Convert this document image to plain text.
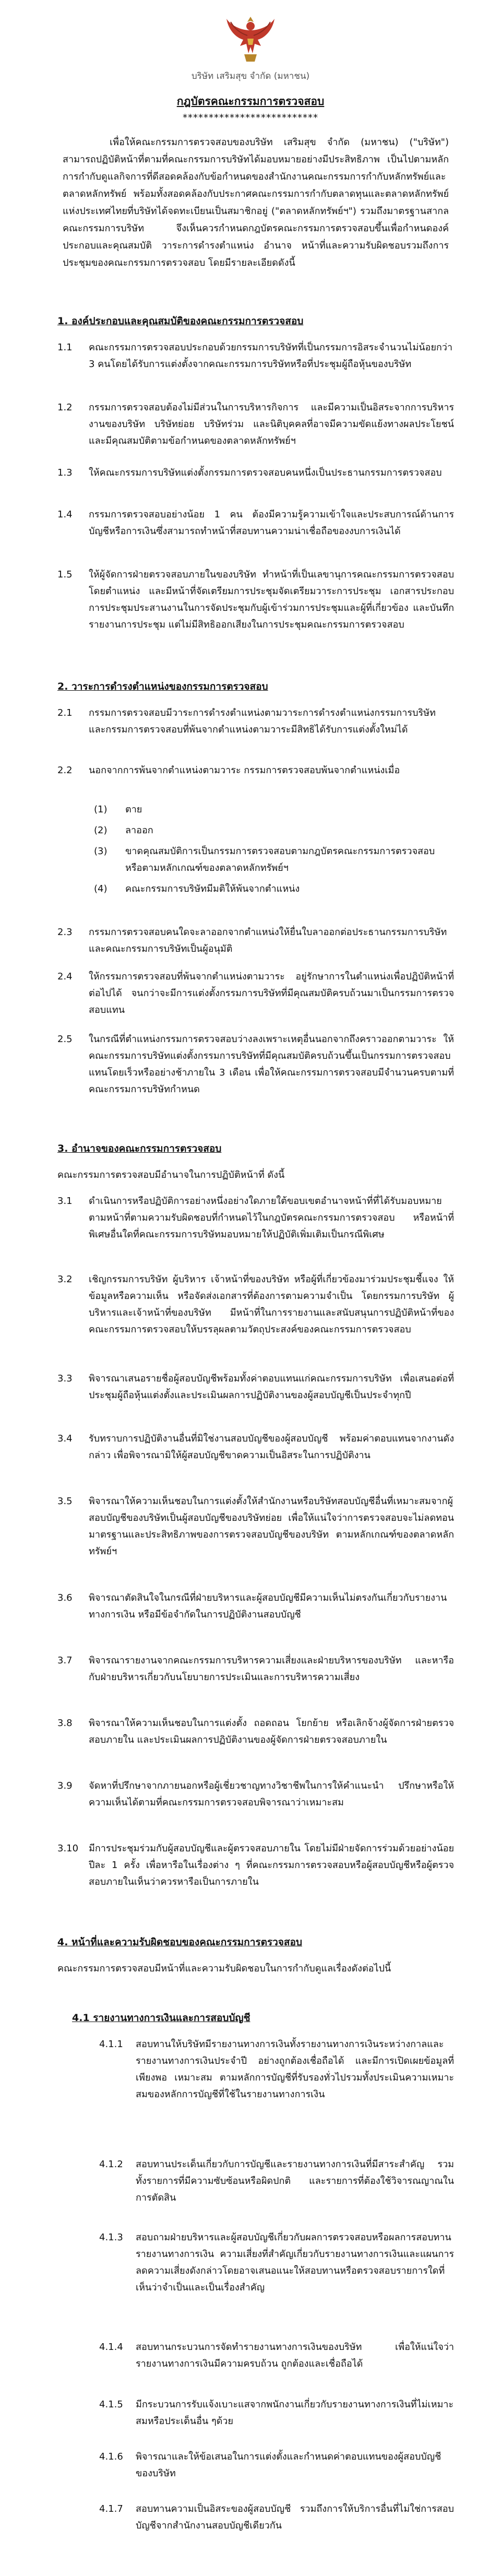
บริษัท เสริมสุข จำกัด (มหาชน)
กฎบัตรคณะกรรมการตรวจสอบ
**************************

เพื่อให้คณะกรรมการตรวจสอบของบริษัท เสริมสุข จำกัด (มหาชน) ("บริษัท") สามารถปฏิบัติหน้าที่ตามที่คณะกรรมการบริษัทได้มอบหมายอย่างมีประสิทธิภาพ เป็นไปตามหลักการกำกับดูแลกิจการที่ดีสอดคล้องกับข้อกำหนดของสำนักงานคณะกรรมการกำกับหลักทรัพย์และตลาดหลักทรัพย์ พร้อมทั้งสอดคล้องกับประกาศคณะกรรมการกำกับตลาดทุนและตลาดหลักทรัพย์แห่งประเทศไทยที่บริษัทได้จดทะเบียนเป็นสมาชิกอยู่ ("ตลาดหลักทรัพย์ฯ") รวมถึงมาตรฐานสากล คณะกรรมการบริษัท จึงเห็นควรกำหนดกฎบัตรคณะกรรมการตรวจสอบขึ้นเพื่อกำหนดองค์ประกอบและคุณสมบัติ วาระการดำรงตำแหน่ง อำนาจ หน้าที่และความรับผิดชอบรวมถึงการประชุมของคณะกรรมการตรวจสอบ โดยมีรายละเอียดดังนี้

1. องค์ประกอบและคุณสมบัติของคณะกรรมการตรวจสอบ

1.1	คณะกรรมการตรวจสอบประกอบด้วยกรรมการบริษัทที่เป็นกรรมการอิสระจำนวนไม่น้อยกว่า 3 คนโดยได้รับการแต่งตั้งจากคณะกรรมการบริษัทหรือที่ประชุมผู้ถือหุ้นของบริษัท
1.2	กรรมการตรวจสอบต้องไม่มีส่วนในการบริหารกิจการ และมีความเป็นอิสระจากการบริหารงานของบริษัท บริษัทย่อย บริษัทร่วม และนิติบุคคลที่อาจมีความขัดแย้งทางผลประโยชน์ และมีคุณสมบัติตามข้อกำหนดของตลาดหลักทรัพย์ฯ
1.3	ให้คณะกรรมการบริษัทแต่งตั้งกรรมการตรวจสอบคนหนึ่งเป็นประธานกรรมการตรวจสอบ
1.4	กรรมการตรวจสอบอย่างน้อย 1 คน ต้องมีความรู้ความเข้าใจและประสบการณ์ด้านการบัญชีหรือการเงินซึ่งสามารถทำหน้าที่สอบทานความน่าเชื่อถือของงบการเงินได้
1.5	ให้ผู้จัดการฝ่ายตรวจสอบภายในของบริษัท ทำหน้าที่เป็นเลขานุการคณะกรรมการตรวจสอบโดยตำแหน่ง และมีหน้าที่จัดเตรียมการประชุมจัดเตรียมวาระการประชุม เอกสารประกอบการประชุมประสานงานในการจัดประชุมกับผู้เข้าร่วมการประชุมและผู้ที่เกี่ยวข้อง และบันทึกรายงานการประชุม แต่ไม่มีสิทธิออกเสียงในการประชุมคณะกรรมการตรวจสอบ

2. วาระการดำรงตำแหน่งของกรรมการตรวจสอบ

2.1	กรรมการตรวจสอบมีวาระการดำรงตำแหน่งตามวาระการดำรงตำแหน่งกรรมการบริษัท และกรรมการตรวจสอบที่พ้นจากตำแหน่งตามวาระมีสิทธิได้รับการแต่งตั้งใหม่ได้
2.2	นอกจากการพ้นจากตำแหน่งตามวาระ กรรมการตรวจสอบพ้นจากตำแหน่งเมื่อ
(1)	ตาย
(2)	ลาออก
(3)	ขาดคุณสมบัติการเป็นกรรมการตรวจสอบตามกฎบัตรคณะกรรมการตรวจสอบ หรือตามหลักเกณฑ์ของตลาดหลักทรัพย์ฯ
(4)	คณะกรรมการบริษัทมีมติให้พ้นจากตำแหน่ง
2.3	กรรมการตรวจสอบคนใดจะลาออกจากตำแหน่งให้ยื่นใบลาออกต่อประธานกรรมการบริษัทและคณะกรรมการบริษัทเป็นผู้อนุมัติ
2.4	ให้กรรมการตรวจสอบที่พ้นจากตำแหน่งตามวาระ อยู่รักษาการในตำแหน่งเพื่อปฏิบัติหน้าที่ต่อไปได้ จนกว่าจะมีการแต่งตั้งกรรมการบริษัทที่มีคุณสมบัติครบถ้วนมาเป็นกรรมการตรวจสอบแทน
2.5	ในกรณีที่ตำแหน่งกรรมการตรวจสอบว่างลงเพราะเหตุอื่นนอกจากถึงคราวออกตามวาระ ให้คณะกรรมการบริษัทแต่งตั้งกรรมการบริษัทที่มีคุณสมบัติครบถ้วนขึ้นเป็นกรรมการตรวจสอบแทนโดยเร็วหรืออย่างช้าภายใน 3 เดือน เพื่อให้คณะกรรมการตรวจสอบมีจำนวนครบตามที่คณะกรรมการบริษัทกำหนด

3. อำนาจของคณะกรรมการตรวจสอบ

คณะกรรมการตรวจสอบมีอำนาจในการปฏิบัติหน้าที่ ดังนี้

3.1	ดำเนินการหรือปฏิบัติการอย่างหนึ่งอย่างใดภายใต้ขอบเขตอำนาจหน้าที่ที่ได้รับมอบหมายตามหน้าที่ตามความรับผิดชอบที่กำหนดไว้ในกฎบัตรคณะกรรมการตรวจสอบ หรือหน้าที่พิเศษอื่นใดที่คณะกรรมการบริษัทมอบหมายให้ปฏิบัติเพิ่มเติมเป็นกรณีพิเศษ
3.2	เชิญกรรมการบริษัท ผู้บริหาร เจ้าหน้าที่ของบริษัท หรือผู้ที่เกี่ยวข้องมาร่วมประชุมชี้แจง ให้ข้อมูลหรือความเห็น หรือจัดส่งเอกสารที่ต้องการตามความจำเป็น โดยกรรมการบริษัท ผู้บริหารและเจ้าหน้าที่ของบริษัท มีหน้าที่ในการรายงานและสนับสนุนการปฏิบัติหน้าที่ของคณะกรรมการตรวจสอบให้บรรลุผลตามวัตถุประสงค์ของคณะกรรมการตรวจสอบ
3.3	พิจารณาเสนอรายชื่อผู้สอบบัญชีพร้อมทั้งค่าตอบแทนแก่คณะกรรมการบริษัท เพื่อเสนอต่อที่ประชุมผู้ถือหุ้นแต่งตั้งและประเมินผลการปฏิบัติงานของผู้สอบบัญชีเป็นประจำทุกปี
3.4	รับทราบการปฏิบัติงานอื่นที่มิใช่งานสอบบัญชีของผู้สอบบัญชี พร้อมค่าตอบแทนจากงานดังกล่าว เพื่อพิจารณามิให้ผู้สอบบัญชีขาดความเป็นอิสระในการปฏิบัติงาน
3.5	พิจารณาให้ความเห็นชอบในการแต่งตั้งให้สำนักงานหรือบริษัทสอบบัญชีอื่นที่เหมาะสมจากผู้สอบบัญชีของบริษัทเป็นผู้สอบบัญชีของบริษัทย่อย เพื่อให้แน่ใจว่าการตรวจสอบจะไม่ลดทอนมาตรฐานและประสิทธิภาพของการตรวจสอบบัญชีของบริษัท ตามหลักเกณฑ์ของตลาดหลักทรัพย์ฯ
3.6	พิจารณาตัดสินใจในกรณีที่ฝ่ายบริหารและผู้สอบบัญชีมีความเห็นไม่ตรงกันเกี่ยวกับรายงานทางการเงิน หรือมีข้อจำกัดในการปฏิบัติงานสอบบัญชี
3.7	พิจารณารายงานจากคณะกรรมการบริหารความเสี่ยงและฝ่ายบริหารของบริษัท และหารือกับฝ่ายบริหารเกี่ยวกับนโยบายการประเมินและการบริหารความเสี่ยง
3.8	พิจารณาให้ความเห็นชอบในการแต่งตั้ง ถอดถอน โยกย้าย หรือเลิกจ้างผู้จัดการฝ่ายตรวจสอบภายใน และประเมินผลการปฏิบัติงานของผู้จัดการฝ่ายตรวจสอบภายใน
3.9	จัดหาที่ปรึกษาจากภายนอกหรือผู้เชี่ยวชาญทางวิชาชีพในการให้คำแนะนำ ปรึกษาหรือให้ความเห็นได้ตามที่คณะกรรมการตรวจสอบพิจารณาว่าเหมาะสม
3.10	มีการประชุมร่วมกับผู้สอบบัญชีและผู้ตรวจสอบภายใน โดยไม่มีฝ่ายจัดการร่วมด้วยอย่างน้อยปีละ 1 ครั้ง เพื่อหารือในเรื่องต่าง ๆ ที่คณะกรรมการตรวจสอบหรือผู้สอบบัญชีหรือผู้ตรวจสอบภายในเห็นว่าควรหารือเป็นการภายใน

4. หน้าที่และความรับผิดชอบของคณะกรรมการตรวจสอบ

คณะกรรมการตรวจสอบมีหน้าที่และความรับผิดชอบในการกำกับดูแลเรื่องดังต่อไปนี้

4.1 รายงานทางการเงินและการสอบบัญชี

4.1.1	สอบทานให้บริษัทมีรายงานทางการเงินทั้งรายงานทางการเงินระหว่างกาลและรายงานทางการเงินประจำปี อย่างถูกต้องเชื่อถือได้ และมีการเปิดเผยข้อมูลที่เพียงพอ เหมาะสม ตามหลักการบัญชีที่รับรองทั่วไปรวมทั้งประเมินความเหมาะสมของหลักการบัญชีที่ใช้ในรายงานทางการเงิน
4.1.2	สอบทานประเด็นเกี่ยวกับการบัญชีและรายงานทางการเงินที่มีสาระสำคัญ รวมทั้งรายการที่มีความซับซ้อนหรือผิดปกติ และรายการที่ต้องใช้วิจารณญาณในการตัดสิน
4.1.3	สอบถามฝ่ายบริหารและผู้สอบบัญชีเกี่ยวกับผลการตรวจสอบหรือผลการสอบทานรายงานทางการเงิน ความเสี่ยงที่สำคัญเกี่ยวกับรายงานทางการเงินและแผนการลดความเสี่ยงดังกล่าวโดยอาจเสนอแนะให้สอบทานหรือตรวจสอบรายการใดที่เห็นว่าจำเป็นและเป็นเรื่องสำคัญ
4.1.4	สอบทานกระบวนการจัดทำรายงานทางการเงินของบริษัท เพื่อให้แน่ใจว่ารายงานทางการเงินมีความครบถ้วน ถูกต้องและเชื่อถือได้
4.1.5	มีกระบวนการรับแจ้งเบาะแสจากพนักงานเกี่ยวกับรายงานทางการเงินที่ไม่เหมาะสมหรือประเด็นอื่น ๆด้วย
4.1.6	พิจารณาและให้ข้อเสนอในการแต่งตั้งและกำหนดค่าตอบแทนของผู้สอบบัญชีของบริษัท
4.1.7	สอบทานความเป็นอิสระของผู้สอบบัญชี รวมถึงการให้บริการอื่นที่ไม่ใช่การสอบบัญชีจากสำนักงานสอบบัญชีเดียวกัน
